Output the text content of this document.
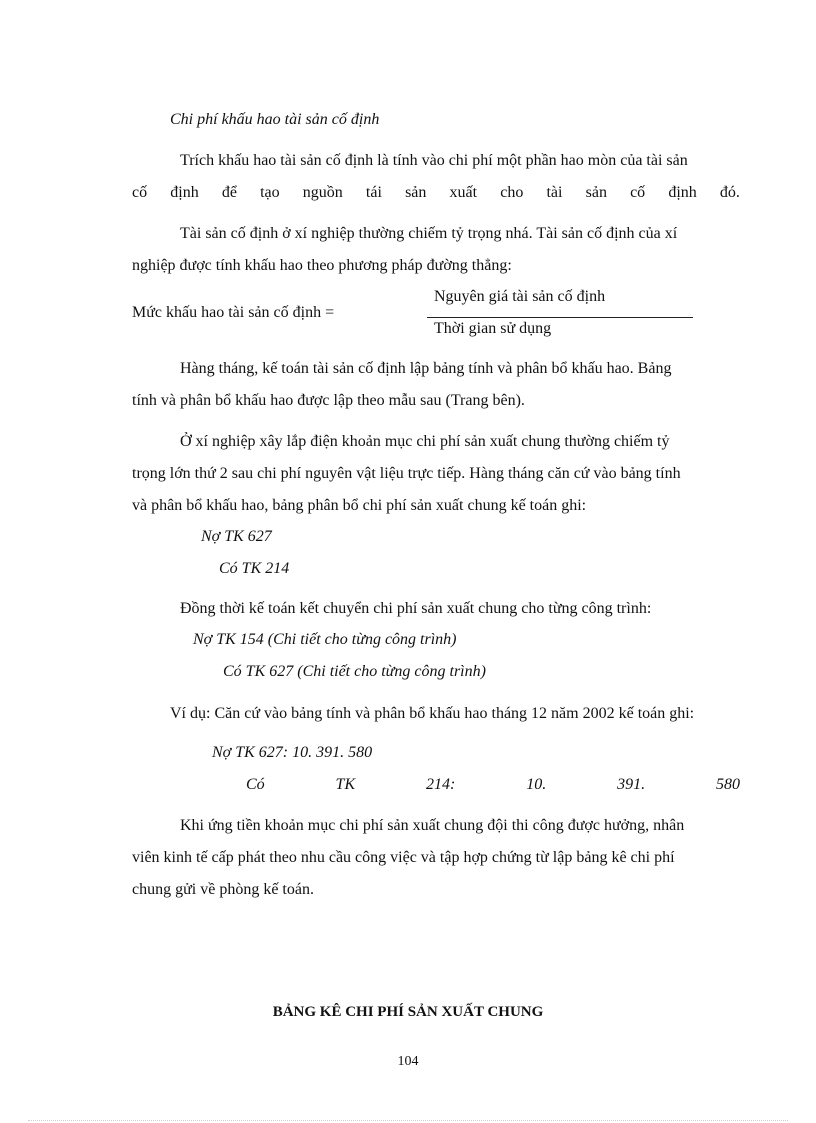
Chi phí khấu hao tài sản cố định
Trích khấu hao tài sản cố định là tính vào chi phí một phần hao mòn của tài sản
cố định để tạo nguồn tái sản xuất cho tài sản cố định đó.
Tài sản cố định ở xí nghiệp thường chiếm tỷ trọng nhá. Tài sản cố định của xí
nghiệp được tính khấu hao theo phương pháp đường thẳng:
Mức khấu hao tài sản cố định =
Nguyên giá tài sản cố định
Thời gian sử dụng
Hàng tháng, kế toán tài sản cố định lập bảng tính và phân bổ khấu hao. Bảng
tính và phân bổ khấu hao được lập theo mẫu sau (Trang bên).
Ở xí nghiệp xây lắp điện khoản mục chi phí sản xuất chung thường chiếm tỷ
trọng lớn thứ 2 sau chi phí nguyên vật liệu trực tiếp. Hàng tháng căn cứ vào bảng tính
và phân bổ khấu hao, bảng phân bổ chi phí sản xuất chung kế toán ghi:
Nợ TK 627
Có TK 214
Đồng thời kế toán kết chuyển chi phí sản xuất chung cho từng công trình:
Nợ TK 154 (Chi tiết cho từng công trình)
Có TK 627 (Chi tiết cho từng công trình)
Ví dụ: Căn cứ vào bảng tính và phân bổ khấu hao tháng 12 năm 2002 kế toán ghi:
Nợ TK 627: 10. 391. 580
Có	TK	214:	10.	391.	580
Khi ứng tiền khoản mục chi phí sản xuất chung đội thi công được hưởng, nhân
viên kinh tế cấp phát theo nhu cầu công việc và tập hợp chứng từ lập bảng kê chi phí
chung gửi về phòng kế toán.
BẢNG KÊ CHI PHÍ SẢN XUẤT CHUNG
104
